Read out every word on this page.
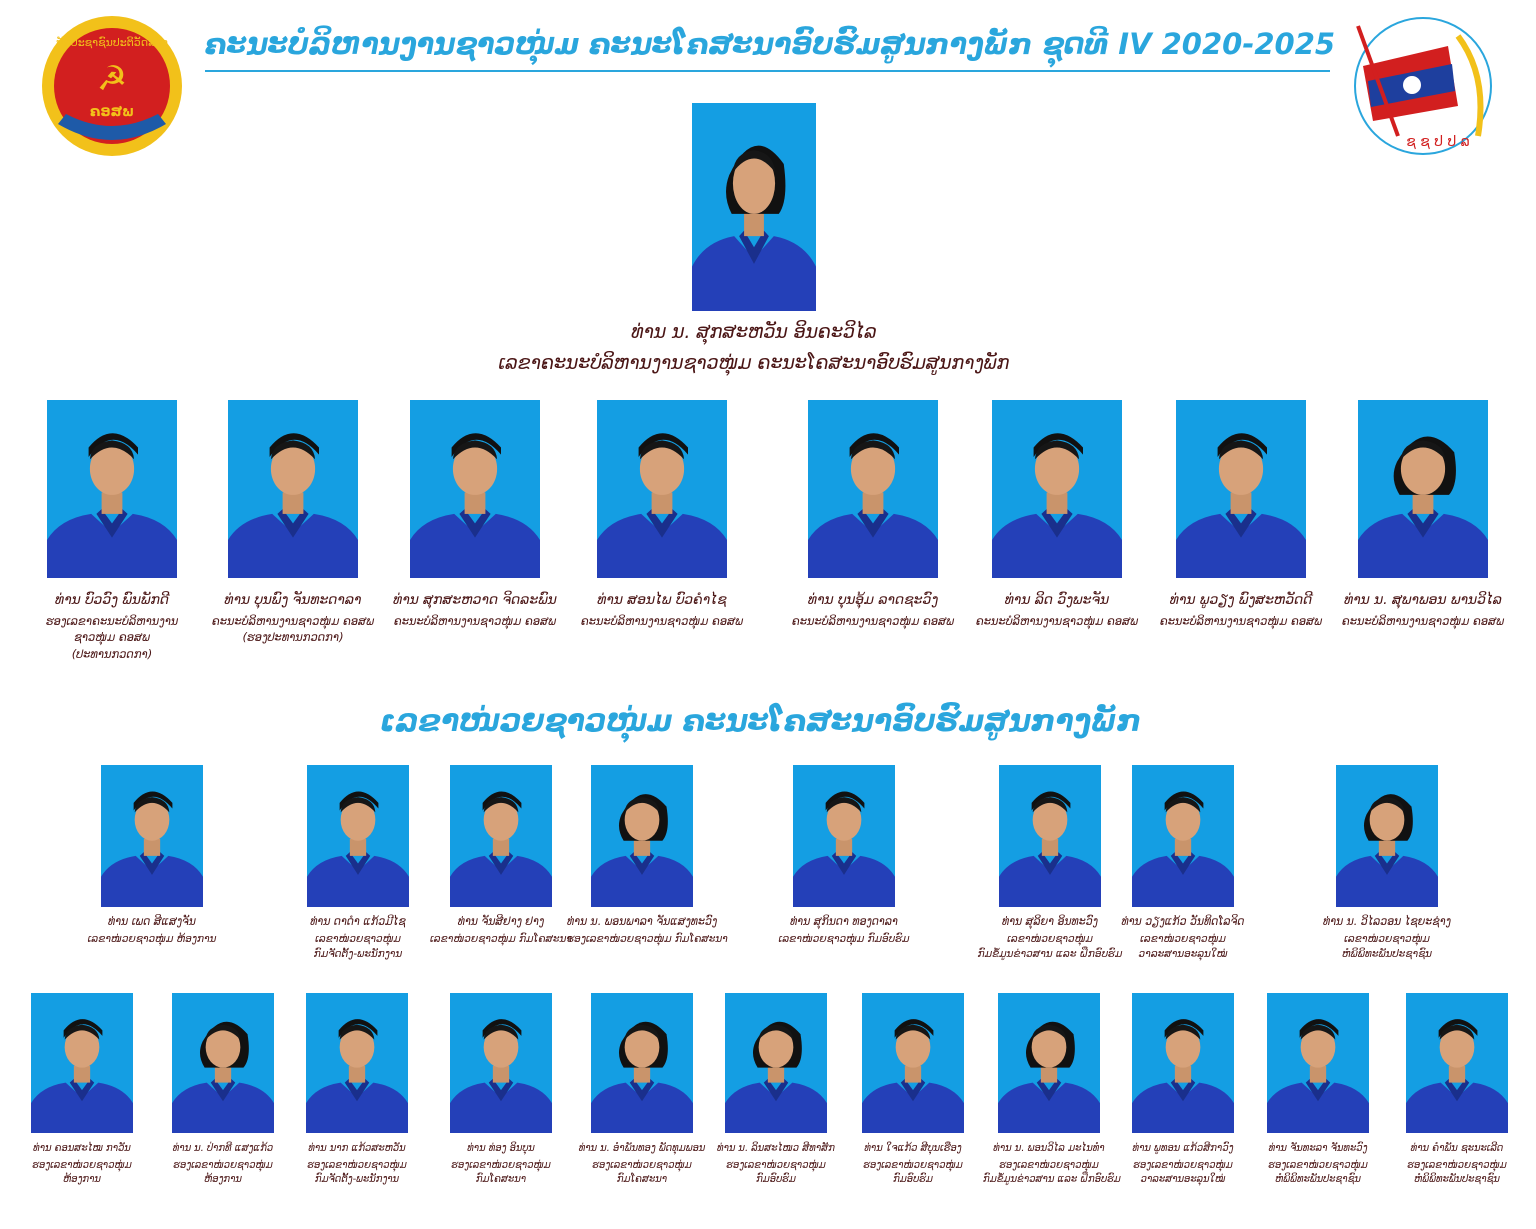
ພັກປະຊາຊົນປະຕິວັດລາວ
☭
ຄອສພ
ຄະນະບໍລິຫານງານຊາວໜຸ່ມ ຄະນະໂຄສະນາອົບຮົມສູນກາງພັກ ຊຸດທີ IV 2020-2025
ຊ ຊ ປ ປ ລ
ທ່ານ ນ. ສຸກສະຫວັນ ອິນຄະວິໄລ
ເລຂາຄະນະບໍລິຫານງານຊາວໜຸ່ມ ຄະນະໂຄສະນາອົບຮົມສູນກາງພັກ
ທ່ານ ບົວວົງ ພົນພັກດີ
ຮອງເລຂາຄະນະບໍລິຫານງານ
ຊາວໜຸ່ມ ຄອສພ
(ປະທານກວດກາ)
ທ່ານ ບຸນພົງ ຈັນທະດາລາ
ຄະນະບໍລິຫານງານຊາວໜຸ່ມ ຄອສພ
(ຮອງປະທານກວດກາ)
ທ່ານ ສຸກສະຫວາດ ຈິດລະພົນ
ຄະນະບໍລິຫານງານຊາວໜຸ່ມ ຄອສພ
ທ່ານ ສອນໄພ ບົວຄຳໄຊ
ຄະນະບໍລິຫານງານຊາວໜຸ່ມ ຄອສພ
ທ່ານ ບຸນອຸ້ມ ລາດຊະວົງ
ຄະນະບໍລິຫານງານຊາວໜຸ່ມ ຄອສພ
ທ່ານ ລິດ ວົງພະຈັນ
ຄະນະບໍລິຫານງານຊາວໜຸ່ມ ຄອສພ
ທ່ານ ພູວຽງ ພົງສະຫວັດດີ
ຄະນະບໍລິຫານງານຊາວໜຸ່ມ ຄອສພ
ທ່ານ ນ. ສຸພາພອນ ພານວິໄລ
ຄະນະບໍລິຫານງານຊາວໜຸ່ມ ຄອສພ
ເລຂາໜ່ວຍຊາວໜຸ່ມ ຄະນະໂຄສະນາອົບຮົມສູນກາງພັກ
ທ່ານ ເພດ ສີແສງຈັນ
ເລຂາໜ່ວຍຊາວໜຸ່ມ ຫ້ອງການ
ທ່ານ ດາດຳ ແກ້ວມີໄຊ
ເລຂາໜ່ວຍຊາວໜຸ່ມ
ກົມຈັດຕັ້ງ-ພະນັກງານ
ທ່ານ ຈັນສີຢາງ ຢາງ
ເລຂາໜ່ວຍຊາວໜຸ່ມ ກົມໂຄສະນາ
ທ່ານ ນ. ພອນພາລາ ຈັນແສງທະວົງ
ຮອງເລຂາໜ່ວຍຊາວໜຸ່ມ ກົມໂຄສະນາ
ທ່ານ ສຸກິນດາ ທອງດາລາ
ເລຂາໜ່ວຍຊາວໜຸ່ມ ກົມອົບຮົມ
ທ່ານ ສຸລິຍາ ອິນທະວົງ
ເລຂາໜ່ວຍຊາວໜຸ່ມ
ກົມຂໍ້ມູນຂ່າວສານ ແລະ ຝຶກອົບຮົມ
ທ່ານ ວຽງແກ້ວ ວັນທິດໂລຈິດ
ເລຂາໜ່ວຍຊາວໜຸ່ມ
ວາລະສານອະລຸນໃໝ່
ທ່ານ ນ. ວິໄລວອນ ໄຊຍະຊ່າງ
ເລຂາໜ່ວຍຊາວໜຸ່ມ
ຫໍພິພິທະພັນປະຊາຊົນ
ທ່ານ ຄອນສະໄໝ ກາວັນ
ຮອງເລຂາໜ່ວຍຊາວໜຸ່ມ
ຫ້ອງການ
ທ່ານ ນ. ປ່າກທີ ແສງແກ້ວ
ຮອງເລຂາໜ່ວຍຊາວໜຸ່ມ
ຫ້ອງການ
ທ່ານ ນາກ ແກ້ວສະຫວັນ
ຮອງເລຂາໜ່ວຍຊາວໜຸ່ມ
ກົມຈັດຕັ້ງ-ພະນັກງານ
ທ່ານ ທ່ອງ ອິນບຸນ
ຮອງເລຂາໜ່ວຍຊາວໜຸ່ມ
ກົມໂຄສະນາ
ທ່ານ ນ. ອຳພັນທອງ ພັດທຸມພອນ
ຮອງເລຂາໜ່ວຍຊາວໜຸ່ມ
ກົມໂຄສະນາ
ທ່ານ ນ. ລິນສະໄໜວ ສີທາສັກ
ຮອງເລຂາໜ່ວຍຊາວໜຸ່ມ
ກົມອົບຮົມ
ທ່ານ ໃຈແກ້ວ ສີບຸນເຮືອງ
ຮອງເລຂາໜ່ວຍຊາວໜຸ່ມ
ກົມອົບຮົມ
ທ່ານ ນ. ພອນວິໄລ ມະໄນທຳ
ຮອງເລຂາໜ່ວຍຊາວໜຸ່ມ
ກົມຂໍ້ມູນຂ່າວສານ ແລະ ຝຶກອົບຮົມ
ທ່ານ ພູທອນ ແກ້ວສີກາວົງ
ຮອງເລຂາໜ່ວຍຊາວໜຸ່ມ
ວາລະສານອະລຸນໃໝ່
ທ່ານ ຈັນທະລາ ຈັນທະວົງ
ຮອງເລຂາໜ່ວຍຊາວໜຸ່ມ
ຫໍພິພິທະພັນປະຊາຊົນ
ທ່ານ ຄຳພັນ ຊະນະເລີດ
ຮອງເລຂາໜ່ວຍຊາວໜຸ່ມ
ຫໍພິພິທະພັນປະຊາຊົນ
